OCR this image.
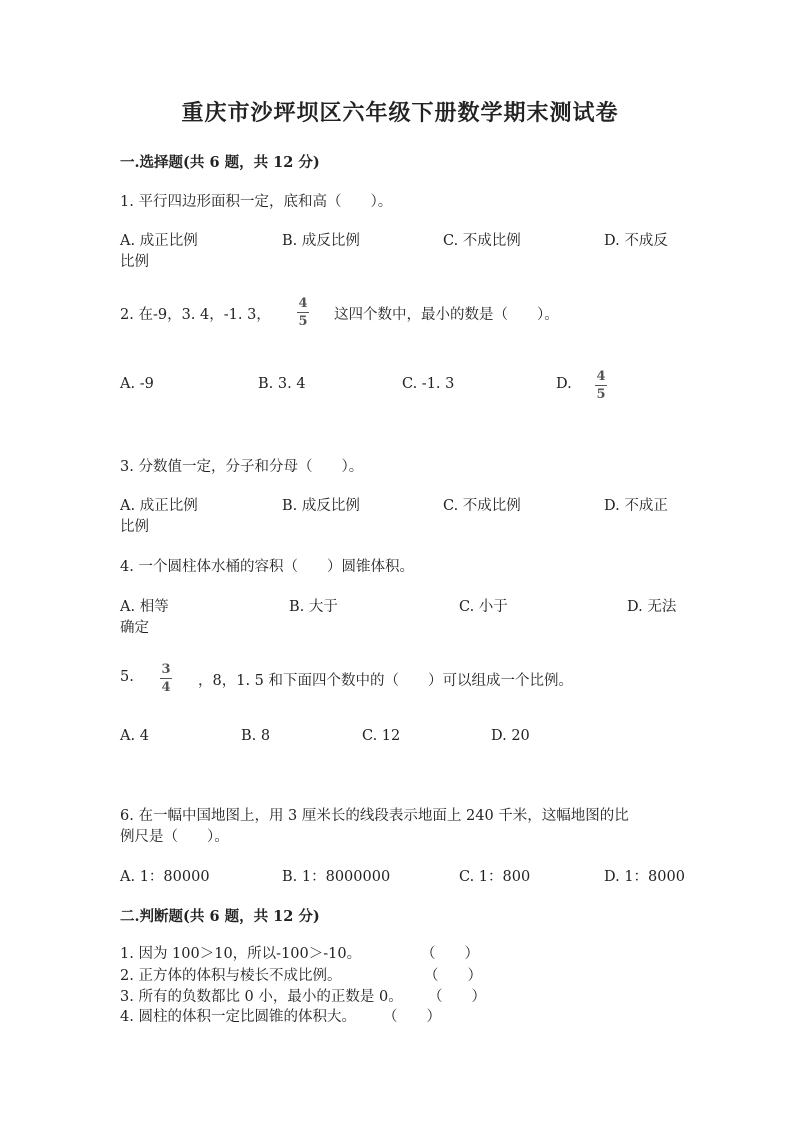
重庆市沙坪坝区六年级下册数学期末测试卷
一.选择题(共 6 题，共 12 分)
1. 平行四边形面积一定，底和高（　　）。
A. 成正比例	B. 成反比例	C. 不成比例	D. 不成反
比例
2. 在-9，3. 4，-1. 3，
4
5 这四个数中，最小的数是（　　）。
A. -9	B. 3. 4	C. -1. 3	D. 4
5
3. 分数值一定，分子和分母（　　）。
A. 成正比例	B. 成反比例	C. 不成比例	D. 不成正
比例
4. 一个圆柱体水桶的容积（　　）圆锥体积。
A. 相等	B. 大于	C. 小于	D. 无法
确定
5. 3
4 ，8，1. 5 和下面四个数中的（　　）可以组成一个比例。
A. 4	B. 8	C. 12	D. 20
6. 在一幅中国地图上，用 3 厘米长的线段表示地面上 240 千米，这幅地图的比
例尺是（　　）。
A. 1：80000	B. 1：8000000	C. 1：800	D. 1：8000
二.判断题(共 6 题，共 12 分)
1. 因为 100＞10，所以-100＞-10。	（　　）
2. 正方体的体积与棱长不成比例。	（　　）
3. 所有的负数都比 0 小，最小的正数是 0。 （　　）
4. 圆柱的体积一定比圆锥的体积大。 （　　）
